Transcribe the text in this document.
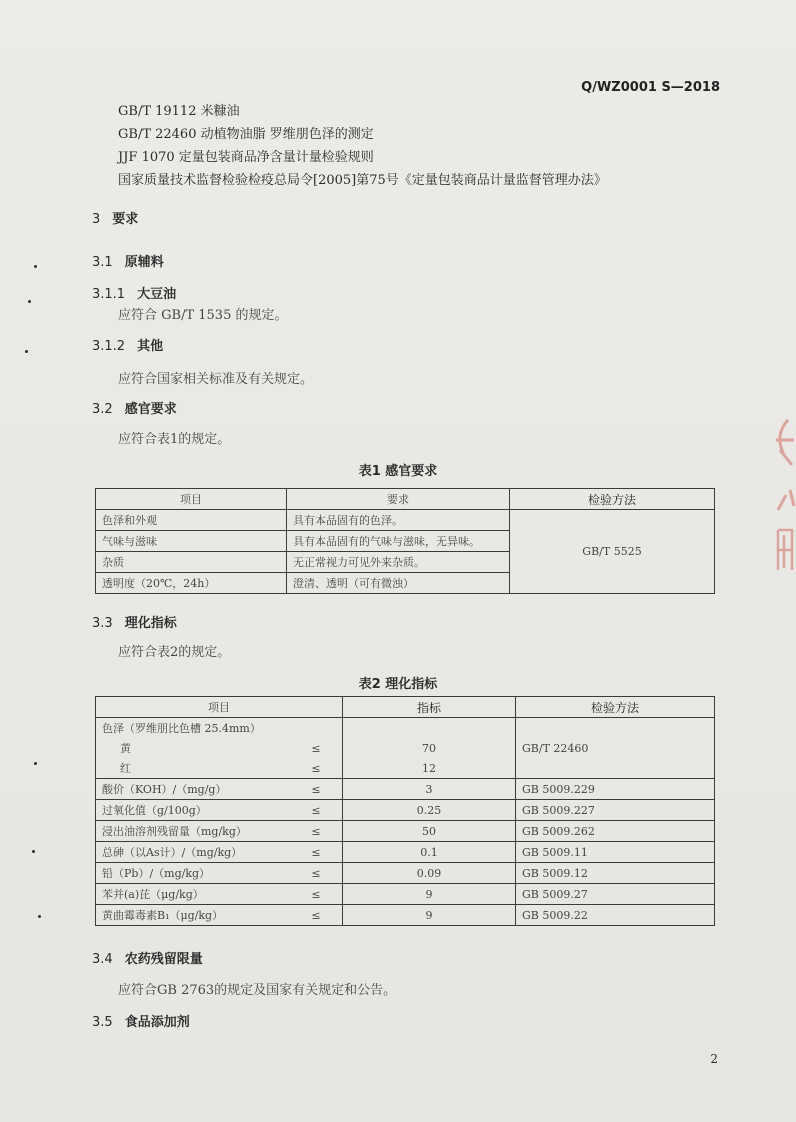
Q/WZ0001 S—2018
GB/T 19112 米糠油
GB/T 22460 动植物油脂 罗维朋色泽的测定
JJF 1070 定量包装商品净含量计量检验规则
国家质量技术监督检验检疫总局令[2005]第75号《定量包装商品计量监督管理办法》
3 要求
3.1 原辅料
3.1.1 大豆油
应符合 GB/T 1535 的规定。
3.1.2 其他
应符合国家相关标准及有关规定。
3.2 感官要求
应符合表1的规定。
表1 感官要求
项目	要求	检验方法
色泽和外观	具有本品固有的色泽。	GB/T 5525
气味与滋味	具有本品固有的气味与滋味，无异味。	
杂质	无正常视力可见外来杂质。	
透明度（20℃，24h）	澄清、透明（可有微浊）	
3.3 理化指标
应符合表2的规定。
表2 理化指标
项目		指标	检验方法
色泽（罗维朋比色槽 25.4mm）			GB/T 22460
黄	≤	70	
红	≤	12	
酸价（KOH）/（mg/g）	≤	3	GB 5009.229
过氧化值（g/100g）	≤	0.25	GB 5009.227
浸出油溶剂残留量（mg/kg）	≤	50	GB 5009.262
总砷（以As计）/（mg/kg）	≤	0.1	GB 5009.11
铅（Pb）/（mg/kg）	≤	0.09	GB 5009.12
苯并(a)芘（μg/kg）	≤	9	GB 5009.27
黄曲霉毒素B₁（μg/kg）	≤	9	GB 5009.22
3.4 农药残留限量
应符合GB 2763的规定及国家有关规定和公告。
3.5 食品添加剂
2
